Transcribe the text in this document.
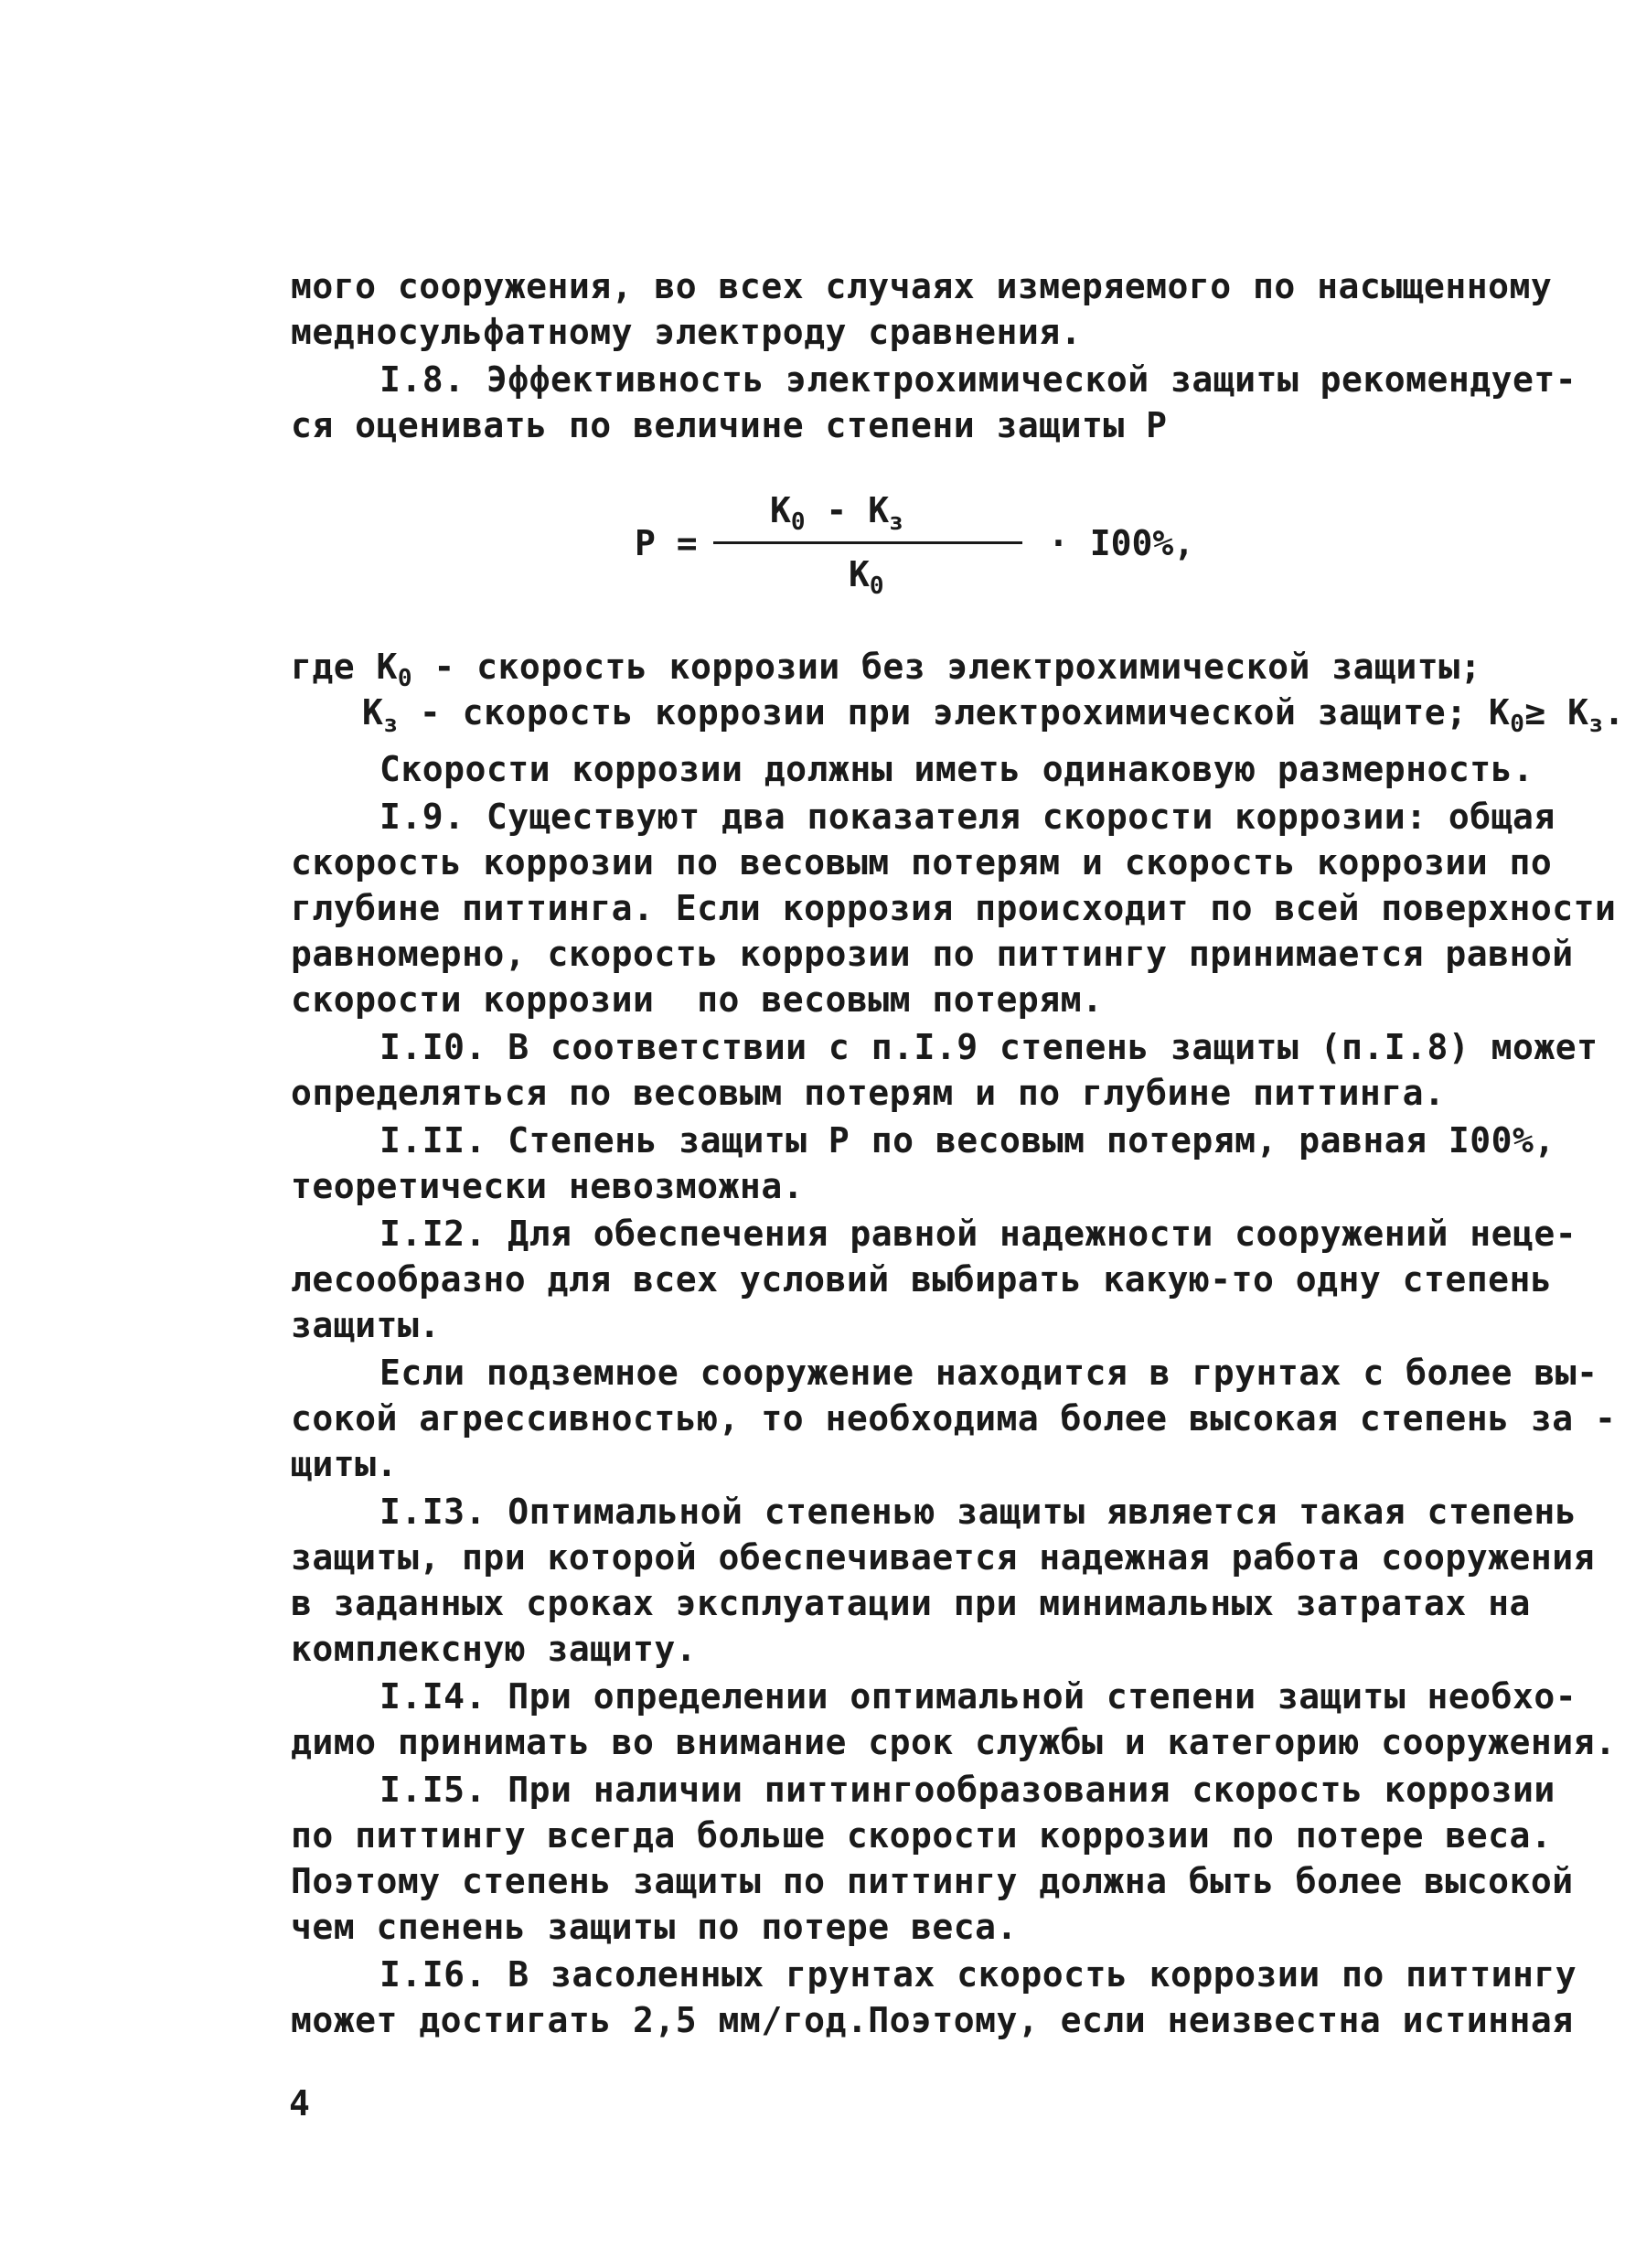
мого сооружения, во всех случаях измеряемого по насыщенному
медносульфатному электроду сравнения.
I.8. Эффективность электрохимической защиты рекомендует-
ся оценивать по величине степени защиты Р
Р =
$К_0 - К_з$
$К_0$
· I00%,
где $К_0$ - скорость коррозии без электрохимической защиты;
$К_з$ - скорость коррозии при электрохимической защите; $К_0\ge К_з$.
Скорости коррозии должны иметь одинаковую размерность.
I.9. Существуют два показателя скорости коррозии: общая
скорость коррозии по весовым потерям и скорость коррозии по
глубине питтинга. Если коррозия происходит по всей поверхности
равномерно, скорость коррозии по питтингу принимается равной
скорости коррозии  по весовым потерям.
I.I0. В соответствии с п.I.9 степень защиты (п.I.8) может
определяться по весовым потерям и по глубине питтинга.
I.II. Степень защиты Р по весовым потерям, равная I00%,
теоретически невозможна.
I.I2. Для обеспечения равной надежности сооружений неце-
лесообразно для всех условий выбирать какую-то одну степень
защиты.
Если подземное сооружение находится в грунтах с более вы-
сокой агрессивностью, то необходима более высокая степень за -
щиты.
I.I3. Оптимальной степенью защиты является такая степень
защиты, при которой обеспечивается надежная работа сооружения
в заданных сроках эксплуатации при минимальных затратах на
комплексную защиту.
I.I4. При определении оптимальной степени защиты необхо-
димо принимать во внимание срок службы и категорию сооружения.
I.I5. При наличии питтингообразования скорость коррозии
по питтингу всегда больше скорости коррозии по потере веса.
Поэтому степень защиты по питтингу должна быть более высокой
чем спенень защиты по потере веса.
I.I6. В засоленных грунтах скорость коррозии по питтингу
может достигать 2,5 мм/год.Поэтому, если неизвестна истинная
4
